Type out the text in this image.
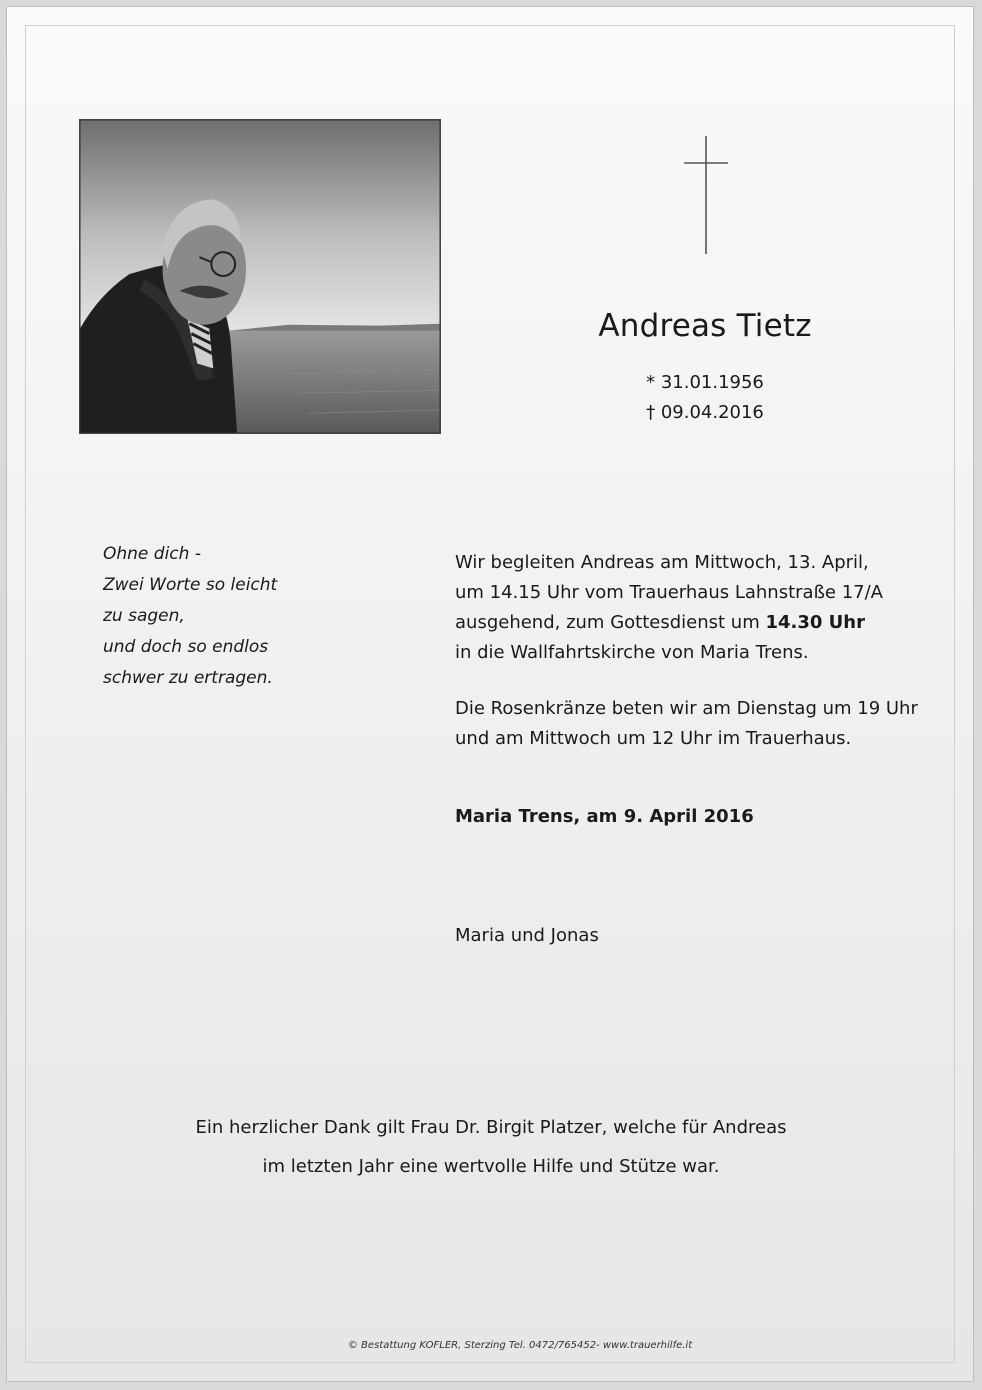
Andreas Tietz
* 31.01.1956
† 09.04.2016
Ohne dich -
Zwei Worte so leicht
zu sagen,
und doch so endlos
schwer zu ertragen.

Wir begleiten Andreas am Mittwoch, 13. April,
um 14.15 Uhr vom Trauerhaus Lahnstraße 17/A
ausgehend, zum Gottesdienst um 14.30 Uhr
in die Wallfahrtskirche von Maria Trens.

Die Rosenkränze beten wir am Dienstag um 19 Uhr
und am Mittwoch um 12 Uhr im Trauerhaus.

Maria Trens, am 9. April 2016
Maria und Jonas
Ein herzlicher Dank gilt Frau Dr. Birgit Platzer, welche für Andreas
im letzten Jahr eine wertvolle Hilfe und Stütze war.
© Bestattung KOFLER, Sterzing Tel. 0472/765452- www.trauerhilfe.it
